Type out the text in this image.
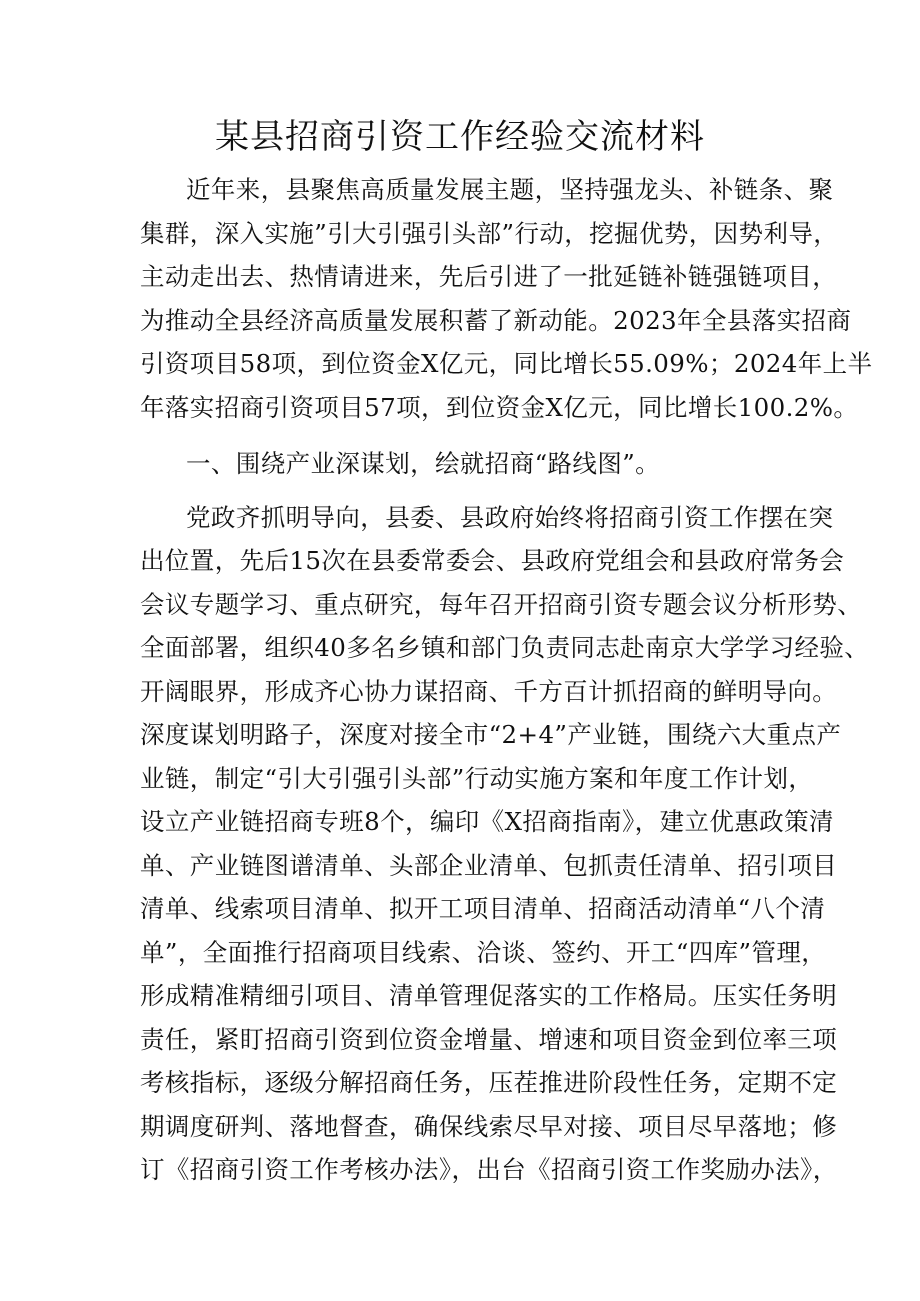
某县招商引资工作经验交流材料
近年来，县聚焦高质量发展主题，坚持强龙头、补链条、聚
集群，深入实施”引大引强引头部”行动，挖掘优势，因势利导，
主动走出去、热情请进来，先后引进了一批延链补链强链项目，
为推动全县经济高质量发展积蓄了新动能。2023年全县落实招商
引资项目58项，到位资金X亿元，同比增长55.09%；2024年上半
年落实招商引资项目57项，到位资金X亿元，同比增长100.2%。
一、围绕产业深谋划，绘就招商“路线图”。
党政齐抓明导向，县委、县政府始终将招商引资工作摆在突
出位置，先后15次在县委常委会、县政府党组会和县政府常务会
会议专题学习、重点研究，每年召开招商引资专题会议分析形势、
全面部署，组织40多名乡镇和部门负责同志赴南京大学学习经验、
开阔眼界，形成齐心协力谋招商、千方百计抓招商的鲜明导向。
深度谋划明路子，深度对接全市“2+4”产业链，围绕六大重点产
业链，制定“引大引强引头部”行动实施方案和年度工作计划，
设立产业链招商专班8个，编印《X招商指南》，建立优惠政策清
单、产业链图谱清单、头部企业清单、包抓责任清单、招引项目
清单、线索项目清单、拟开工项目清单、招商活动清单“八个清
单”，全面推行招商项目线索、洽谈、签约、开工“四库”管理，
形成精准精细引项目、清单管理促落实的工作格局。压实任务明
责任，紧盯招商引资到位资金增量、增速和项目资金到位率三项
考核指标，逐级分解招商任务，压茬推进阶段性任务，定期不定
期调度研判、落地督查，确保线索尽早对接、项目尽早落地；修
订《招商引资工作考核办法》，出台《招商引资工作奖励办法》，
